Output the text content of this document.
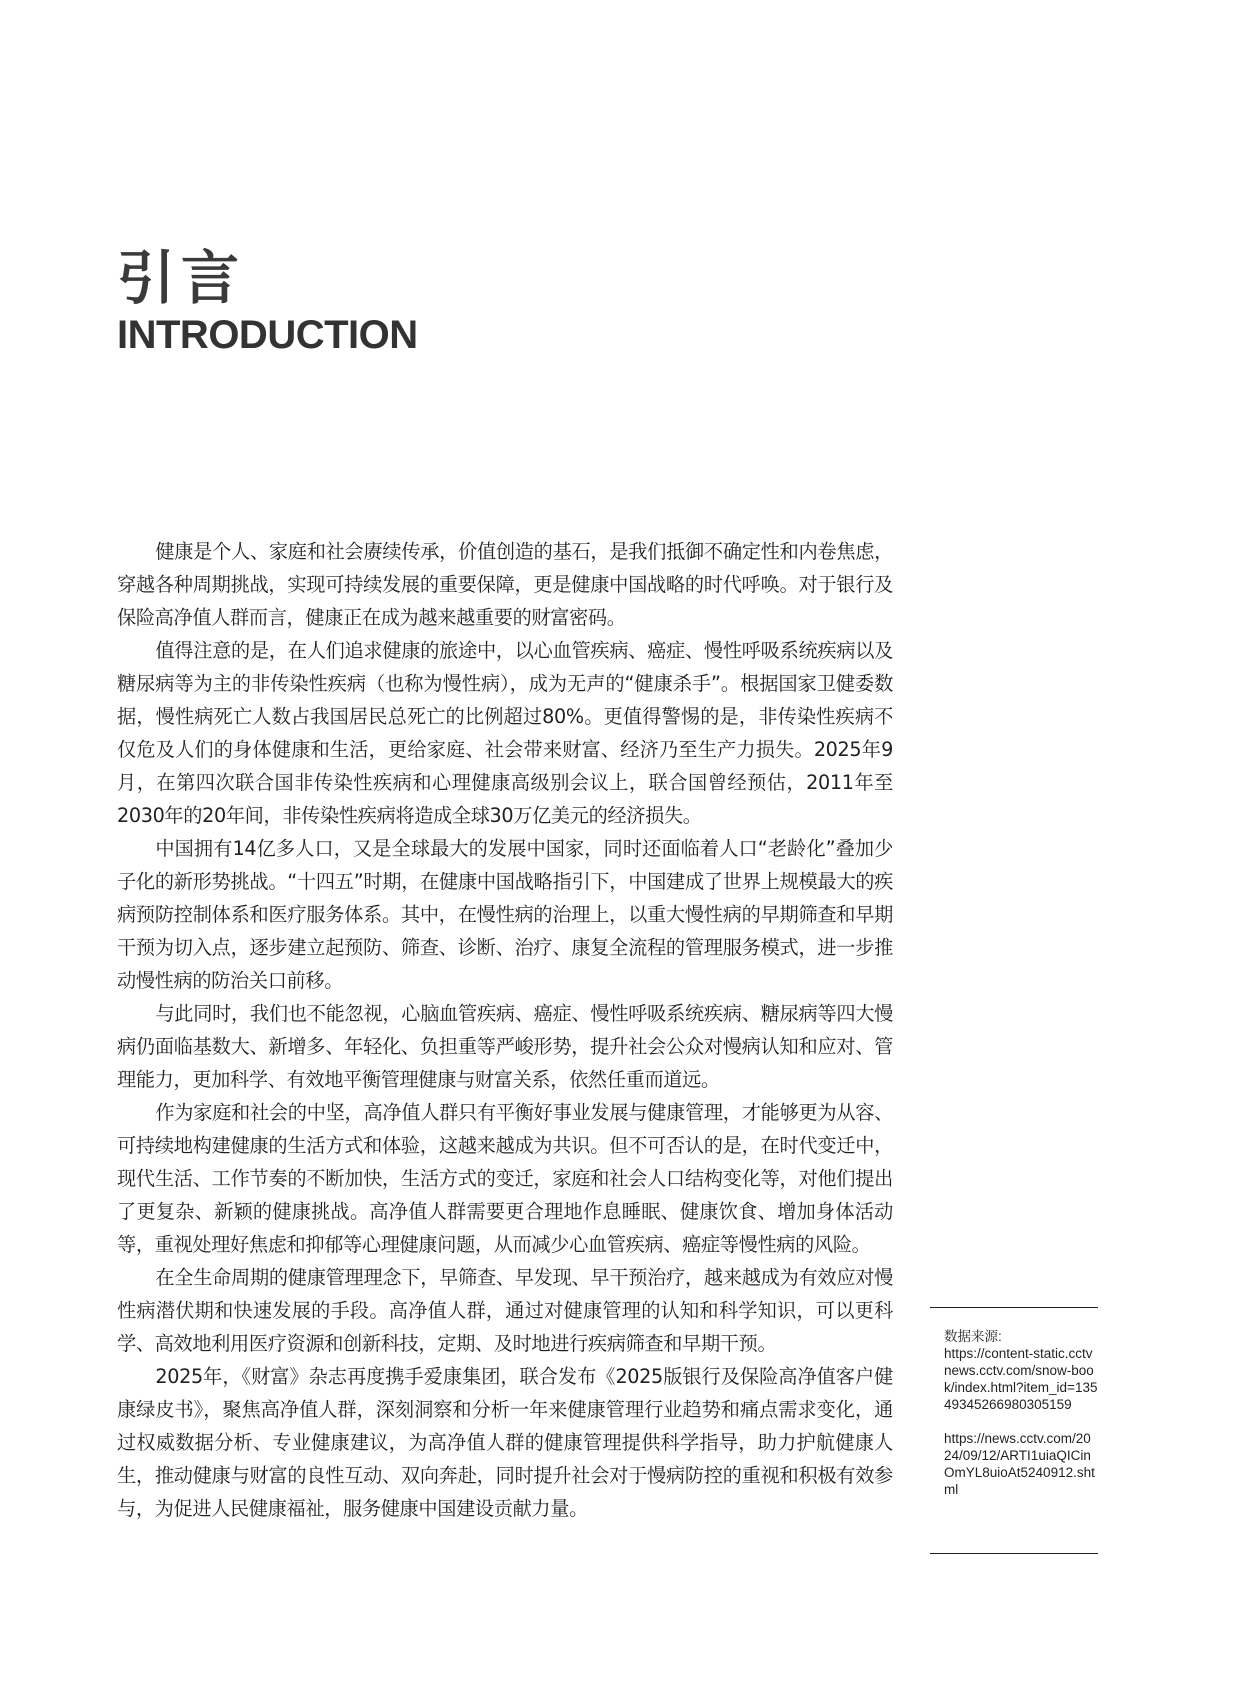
引言
INTRODUCTION

健康是个人、家庭和社会赓续传承，价值创造的基石，是我们抵御不确定性和内卷焦虑，穿越各种周期挑战，实现可持续发展的重要保障，更是健康中国战略的时代呼唤。对于银行及保险高净值人群而言，健康正在成为越来越重要的财富密码。

值得注意的是，在人们追求健康的旅途中，以心血管疾病、癌症、慢性呼吸系统疾病以及糖尿病等为主的非传染性疾病（也称为慢性病），成为无声的“健康杀手”。根据国家卫健委数据，慢性病死亡人数占我国居民总死亡的比例超过80%。更值得警惕的是，非传染性疾病不仅危及人们的身体健康和生活，更给家庭、社会带来财富、经济乃至生产力损失。2025年9月，在第四次联合国非传染性疾病和心理健康高级别会议上，联合国曾经预估，2011年至2030年的20年间，非传染性疾病将造成全球30万亿美元的经济损失。

中国拥有14亿多人口，又是全球最大的发展中国家，同时还面临着人口“老龄化”叠加少子化的新形势挑战。“十四五”时期，在健康中国战略指引下，中国建成了世界上规模最大的疾病预防控制体系和医疗服务体系。其中，在慢性病的治理上，以重大慢性病的早期筛查和早期干预为切入点，逐步建立起预防、筛查、诊断、治疗、康复全流程的管理服务模式，进一步推动慢性病的防治关口前移。

与此同时，我们也不能忽视，心脑血管疾病、癌症、慢性呼吸系统疾病、糖尿病等四大慢病仍面临基数大、新增多、年轻化、负担重等严峻形势，提升社会公众对慢病认知和应对、管理能力，更加科学、有效地平衡管理健康与财富关系，依然任重而道远。

作为家庭和社会的中坚，高净值人群只有平衡好事业发展与健康管理，才能够更为从容、可持续地构建健康的生活方式和体验，这越来越成为共识。但不可否认的是，在时代变迁中，现代生活、工作节奏的不断加快，生活方式的变迁，家庭和社会人口结构变化等，对他们提出了更复杂、新颖的健康挑战。高净值人群需要更合理地作息睡眠、健康饮食、增加身体活动等，重视处理好焦虑和抑郁等心理健康问题，从而减少心血管疾病、癌症等慢性病的风险。

在全生命周期的健康管理理念下，早筛查、早发现、早干预治疗，越来越成为有效应对慢性病潜伏期和快速发展的手段。高净值人群，通过对健康管理的认知和科学知识，可以更科学、高效地利用医疗资源和创新科技，定期、及时地进行疾病筛查和早期干预。

2025年，《财富》杂志再度携手爱康集团，联合发布《2025版银行及保险高净值客户健康绿皮书》，聚焦高净值人群，深刻洞察和分析一年来健康管理行业趋势和痛点需求变化，通过权威数据分析、专业健康建议，为高净值人群的健康管理提供科学指导，助力护航健康人生，推动健康与财富的良性互动、双向奔赴，同时提升社会对于慢病防控的重视和积极有效参与，为促进人民健康福祉，服务健康中国建设贡献力量。

数据来源:
https://content-static.cctvnews.cctv.com/snow-book/index.html?item_id=13549345266980305159
https://news.cctv.com/2024/09/12/ARTI1uiaQICinOmYL8uioAt5240912.shtml
